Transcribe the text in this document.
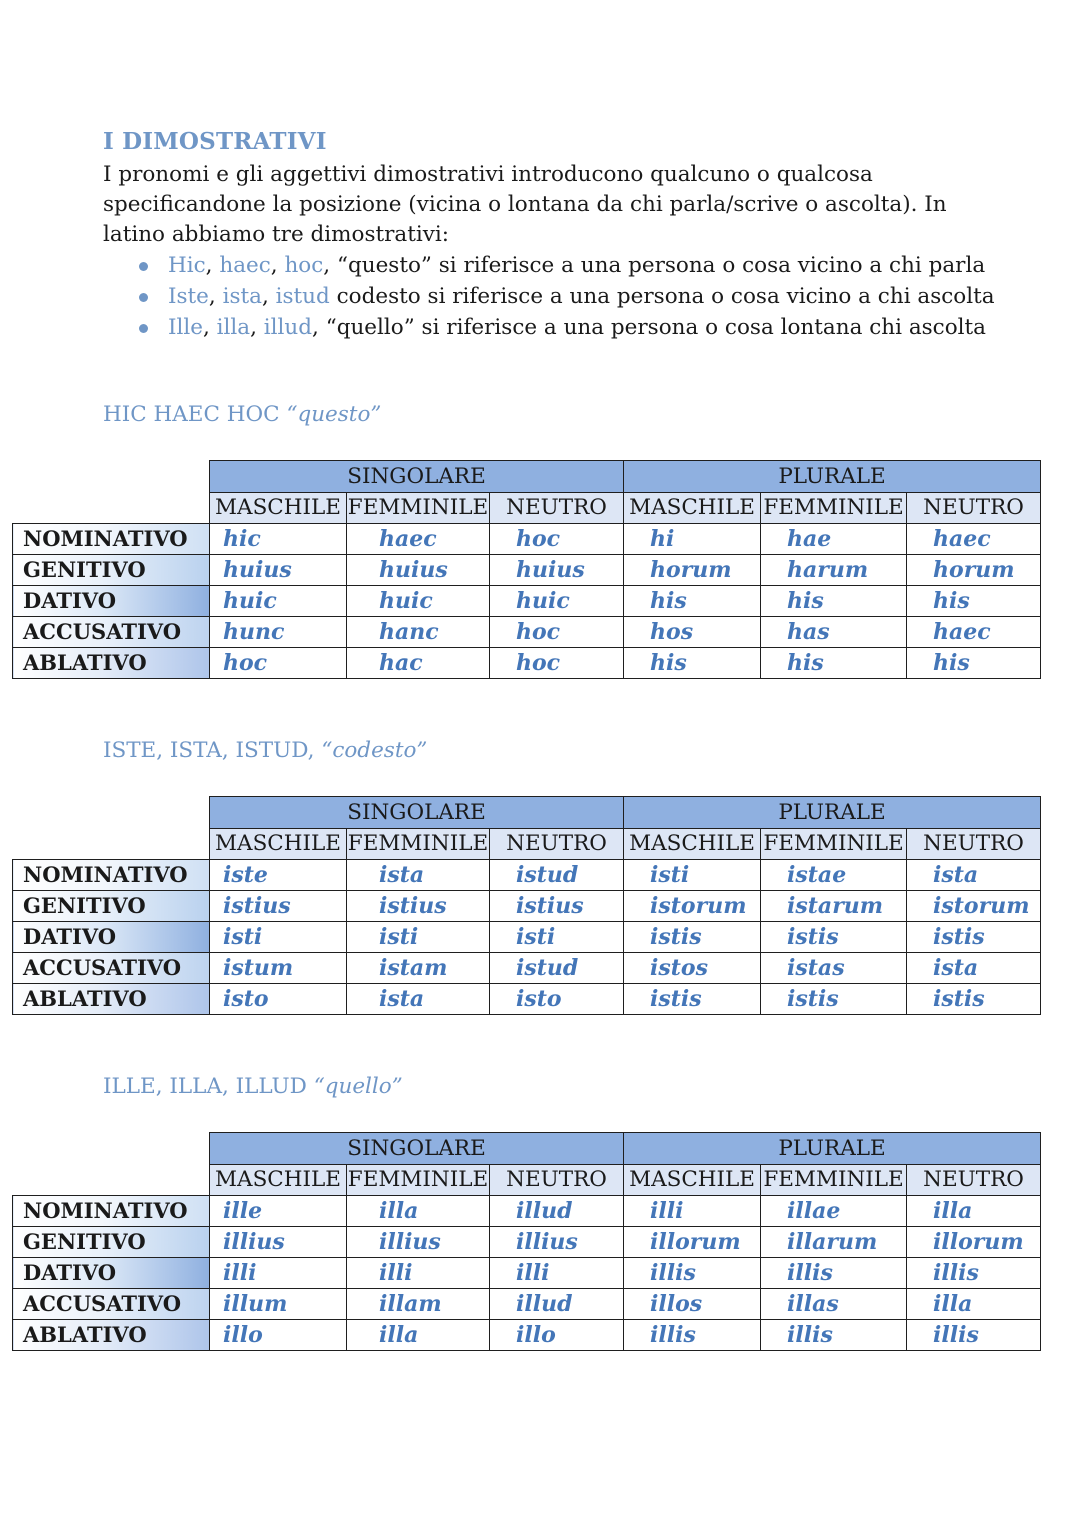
I DIMOSTRATIVI
I pronomi e gli aggettivi dimostrativi introducono qualcuno o qualcosa specificandone la posizione (vicina o lontana da chi parla/scrive o ascolta). In latino abbiamo tre dimostrativi:
Hic, haec, hoc, “questo” si riferisce a una persona o cosa vicino a chi parla
Iste, ista, istud codesto si riferisce a una persona o cosa vicino a chi ascolta
Ille, illa, illud, “quello” si riferisce a una persona o cosa lontana chi ascolta
HIC HAEC HOC “questo”
	SINGOLARE			PLURALE		
	MASCHILE	FEMMINILE	NEUTRO	MASCHILE	FEMMINILE	NEUTRO
NOMINATIVO	hic	haec	hoc	hi	hae	haec
GENITIVO	huius	huius	huius	horum	harum	horum
DATIVO	huic	huic	huic	his	his	his
ACCUSATIVO	hunc	hanc	hoc	hos	has	haec
ABLATIVO	hoc	hac	hoc	his	his	his
ISTE, ISTA, ISTUD, “codesto”
	SINGOLARE			PLURALE		
	MASCHILE	FEMMINILE	NEUTRO	MASCHILE	FEMMINILE	NEUTRO
NOMINATIVO	iste	ista	istud	isti	istae	ista
GENITIVO	istius	istius	istius	istorum	istarum	istorum
DATIVO	isti	isti	isti	istis	istis	istis
ACCUSATIVO	istum	istam	istud	istos	istas	ista
ABLATIVO	isto	ista	isto	istis	istis	istis
ILLE, ILLA, ILLUD “quello”
	SINGOLARE			PLURALE		
	MASCHILE	FEMMINILE	NEUTRO	MASCHILE	FEMMINILE	NEUTRO
NOMINATIVO	ille	illa	illud	illi	illae	illa
GENITIVO	illius	illius	illius	illorum	illarum	illorum
DATIVO	illi	illi	illi	illis	illis	illis
ACCUSATIVO	illum	illam	illud	illos	illas	illa
ABLATIVO	illo	illa	illo	illis	illis	illis
